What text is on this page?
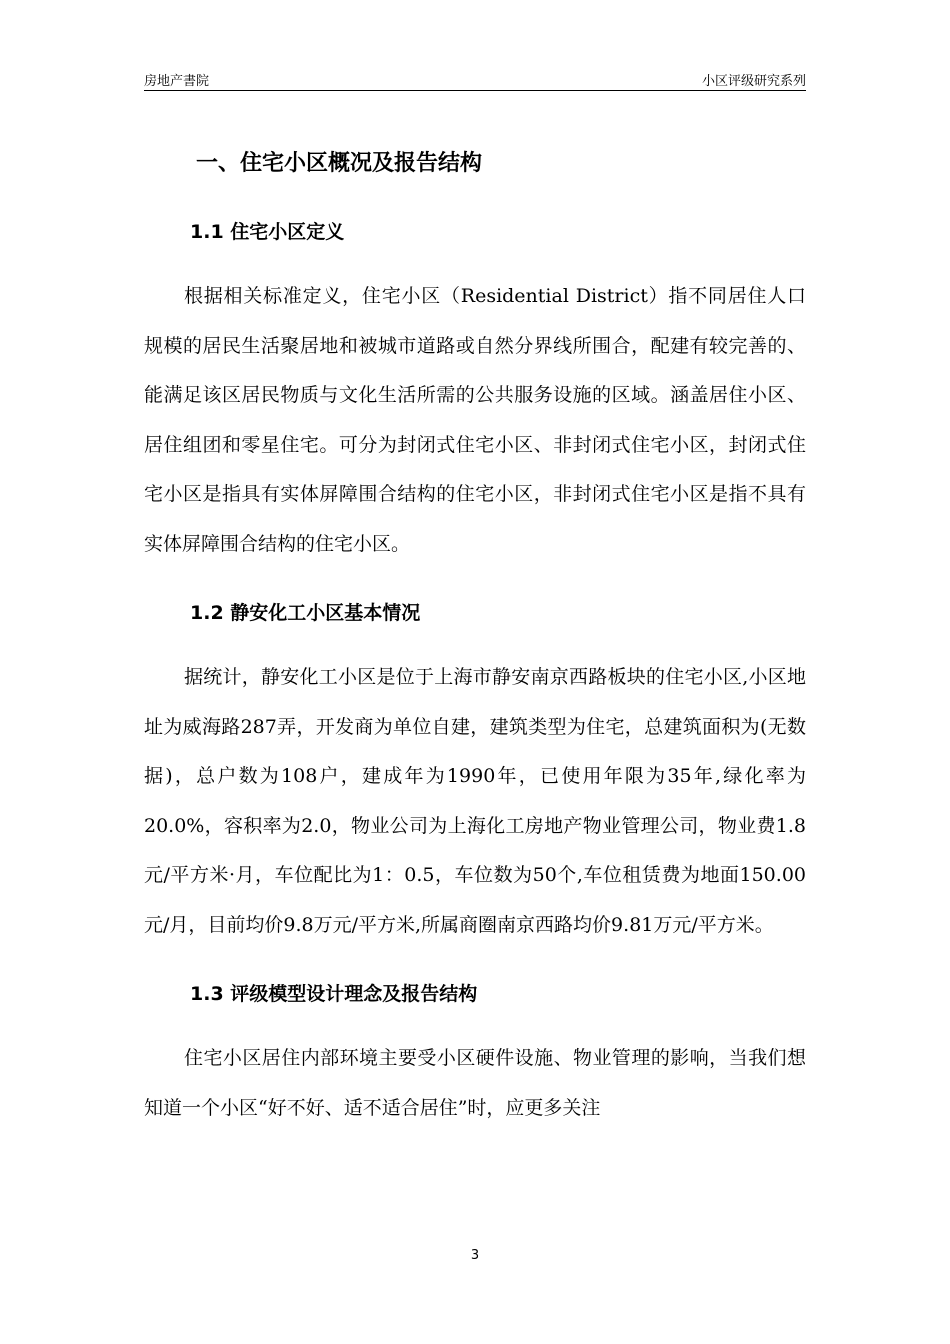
房地产書院	小区评级研究系列
一、住宅小区概况及报告结构
1.1 住宅小区定义

根据相关标准定义，住宅小区（Residential District）指不同居住人口规模的居民生活聚居地和被城市道路或自然分界线所围合，配建有较完善的、能满足该区居民物质与文化生活所需的公共服务设施的区域。涵盖居住小区、居住组团和零星住宅。可分为封闭式住宅小区、非封闭式住宅小区，封闭式住宅小区是指具有实体屏障围合结构的住宅小区，非封闭式住宅小区是指不具有实体屏障围合结构的住宅小区。

1.2 静安化工小区基本情况

据统计，静安化工小区是位于上海市静安南京西路板块的住宅小区,小区地址为威海路287弄，开发商为单位自建，建筑类型为住宅，总建筑面积为(无数据)，总户数为108户，建成年为1990年，已使用年限为35年,绿化率为20.0%，容积率为2.0，物业公司为上海化工房地产物业管理公司，物业费1.8元/平方米·月，车位配比为1：0.5，车位数为50个,车位租赁费为地面150.00元/月，目前均价9.8万元/平方米,所属商圈南京西路均价9.81万元/平方米。

1.3 评级模型设计理念及报告结构

住宅小区居住内部环境主要受小区硬件设施、物业管理的影响，当我们想知道一个小区“好不好、适不适合居住”时，应更多关注

3
